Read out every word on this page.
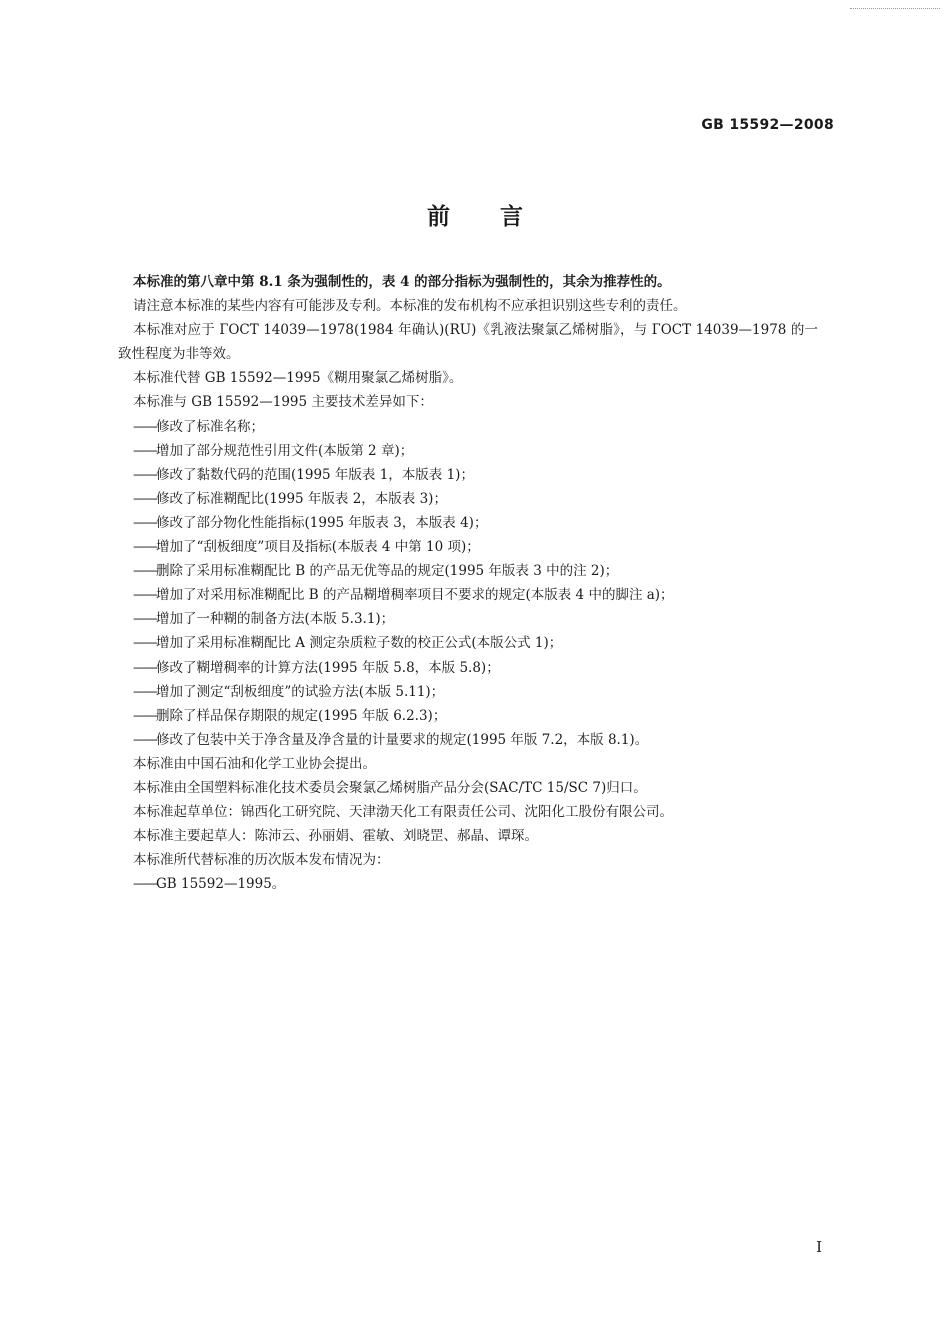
GB 15592—2008
前言

本标准的第八章中第 8.1 条为强制性的，表 4 的部分指标为强制性的，其余为推荐性的。

请注意本标准的某些内容有可能涉及专利。本标准的发布机构不应承担识别这些专利的责任。

本标准对应于 ГОСТ 14039—1978(1984 年确认)(RU)《乳液法聚氯乙烯树脂》，与 ГОСТ 14039—1978 的一致性程度为非等效。

本标准代替 GB 15592—1995《糊用聚氯乙烯树脂》。

本标准与 GB 15592—1995 主要技术差异如下：

——修改了标准名称；

——增加了部分规范性引用文件(本版第 2 章)；

——修改了黏数代码的范围(1995 年版表 1，本版表 1)；

——修改了标准糊配比(1995 年版表 2，本版表 3)；

——修改了部分物化性能指标(1995 年版表 3，本版表 4)；

——增加了“刮板细度”项目及指标(本版表 4 中第 10 项)；

——删除了采用标准糊配比 B 的产品无优等品的规定(1995 年版表 3 中的注 2)；

——增加了对采用标准糊配比 B 的产品糊增稠率项目不要求的规定(本版表 4 中的脚注 a)；

——增加了一种糊的制备方法(本版 5.3.1)；

——增加了采用标准糊配比 A 测定杂质粒子数的校正公式(本版公式 1)；

——修改了糊增稠率的计算方法(1995 年版 5.8，本版 5.8)；

——增加了测定“刮板细度”的试验方法(本版 5.11)；

——删除了样品保存期限的规定(1995 年版 6.2.3)；

——修改了包装中关于净含量及净含量的计量要求的规定(1995 年版 7.2，本版 8.1)。

本标准由中国石油和化学工业协会提出。

本标准由全国塑料标准化技术委员会聚氯乙烯树脂产品分会(SAC/TC 15/SC 7)归口。

本标准起草单位：锦西化工研究院、天津渤天化工有限责任公司、沈阳化工股份有限公司。

本标准主要起草人：陈沛云、孙丽娟、霍敏、刘晓罡、郝晶、谭琛。

本标准所代替标准的历次版本发布情况为：

——GB 15592—1995。

I
